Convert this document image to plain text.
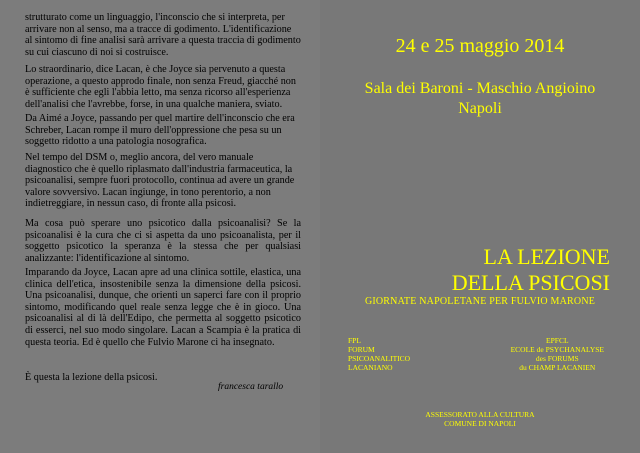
strutturato come un linguaggio, l'inconscio che si interpreta, per arrivare non al senso, ma a tracce di godimento. L'identificazione al sintomo di fine analisi sarà arrivare a questa traccia di godimento su cui ciascuno di noi si costruisce.

Lo straordinario, dice Lacan, è che Joyce sia pervenuto a questa operazione, a questo approdo finale, non senza Freud, giacché non è sufficiente che egli l'abbia letto, ma senza ricorso all'esperienza dell'analisi che l'avrebbe, forse, in una qualche maniera, sviato.

Da Aimé a Joyce, passando per quel martire dell'inconscio che era Schreber, Lacan rompe il muro dell'oppressione che pesa su un soggetto ridotto a una patologia nosografica.

Nel tempo del DSM o, meglio ancora, del vero manuale diagnostico che è quello riplasmato dall'industria farmaceutica, la psicoanalisi, sempre fuori protocollo, continua ad avere un grande valore sovversivo. Lacan ingiunge, in tono perentorio, a non indietreggiare, in nessun caso, di fronte alla psicosi.

Ma cosa può sperare uno psicotico dalla psicoanalisi? Se la psicoanalisi è la cura che ci si aspetta da uno psicoanalista, per il soggetto psicotico la speranza è la stessa che per qualsiasi analizzante: l'identificazione al sintomo.

Imparando da Joyce, Lacan apre ad una clinica sottile, elastica, una clinica dell'etica, insostenibile senza la dimensione della psicosi. Una psicoanalisi, dunque, che orienti un saperci fare con il proprio sintomo, modificando quel reale senza legge che è in gioco. Una psicoanalisi al di là dell'Edipo, che permetta al soggetto psicotico di esserci, nel suo modo singolare. Lacan a Scampia è la pratica di questa teoria. Ed è quello che Fulvio Marone ci ha insegnato.

È questa la lezione della psicosi.

francesca tarallo
24 e 25 maggio 2014
Sala dei Baroni - Maschio Angioino
Napoli
LA LEZIONE
DELLA PSICOSI
GIORNATE NAPOLETANE PER FULVIO MARONE
FPL
FORUM
PSICOANALITICO
LACANIANO
EPFCL
ECOLE de PSYCHANALYSE
des FORUMS
du CHAMP LACANIEN
ASSESSORATO ALLA CULTURA
COMUNE DI NAPOLI
